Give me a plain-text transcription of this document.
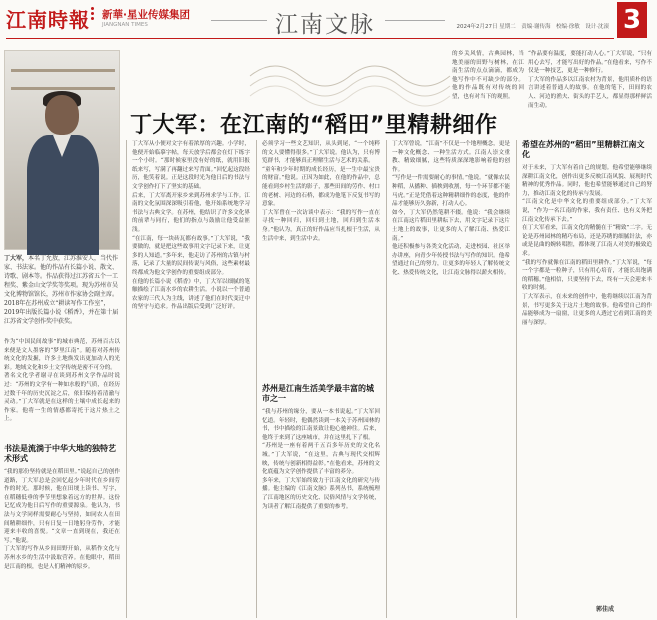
江南時報 新華·星业传媒集团
JIANGNAN TIMES	江南文脉	2024年2月27日 星期二　责编·谢传海　校编·徐敏　设计·沈滚 3
丁大军：在江南的“稻田”里精耕细作
丁大军，本名丁允敖，江苏淮安人，当代作家、书法家。他的作品有长篇小说、散文、诗歌、剧本等。作品获得过江苏省五个一工程奖、紫金山文学奖等奖项。现为苏州市吴文化博物馆馆长，苏州市作家协会副主席。2018年在苏州成立“耕读写作工作室”，2019年出版长篇小说《稻香》，并在第十届江苏省文学创作奖中获奖。

作为“中国民间故事”的城市典范，苏州百古以来便是文人墨客的“梦里江南”。随着对苏州传统文化的发掘，许多土地焕发出更加动人的光彩。地域文化和乡土文学传统是密不可分的。

著名文化学者谢寻在谈到苏州文学作品时说过：“苏州的文学有一种如水般的气质，在经历过数千年的历史沉淀之后，依旧保持着清澈与灵动。”丁大军就是在这样的土壤中成长起来的作家。他将一生的情感都寄托于这片热土之上。

书法是流淌于中华大地的独特艺术形式

“我的那份坚持就是在稻田里。”说起自己的创作道路，丁大军总是会回忆起少年时代在乡间劳作的时光。那时候，他在田埂上读书、写字，在稻穗低垂的季节里想象着远方的世界。这份记忆成为他日后写作的重要源泉。他认为，书法与文学同样需要耐心与坚持，如同农人在田间精耕细作，只有日复一日地躬身劳作，才能迎来丰收的喜悦。“文章一直到现在，我还在写。”他说。

丁大军的写作从乡间田野开始，从稻作文化与苏州水乡的生活中汲取营养。在他眼中，稻田是江南的根，也是人们精神的原乡。

丁大军从小便对文字有着浓厚的兴趣。小学时，他便开始临摹字帖，每天放学后都会在灯下练字一个小时。“那时候家里没有好的纸，就用旧报纸来写，写满了再翻过来写背面。”回忆起这段经历，他笑着说。正是这段时光为他日后的书法与文学创作打下了坚实的基础。

后来，丁大军离开家乡来到苏州求学与工作。江南的文化氛围深深吸引着他，他开始系统地学习书法与古典文学。在苏州，他结识了许多文化界的前辈与同行，他们的指点与鼓励让他受益匪浅。

“在江南，每一块砖瓦都有故事。”丁大军说，“我要做的，就是把这些故事用文字记录下来，让更多的人知道。”多年来，他走访了苏州的古镇与村落，记录了大量的民间传说与风俗，这些素材最终都成为他文学创作的重要组成部分。

在他的长篇小说《稻香》中，丁大军以细腻的笔触描绘了江南水乡的农耕生活。小说以一个普通农家的三代人为主线，讲述了他们在时代变迁中的坚守与追求。作品出版后受到广泛好评。

必须学习一些文艺知识，从头到尾，“一个纯粹的文人要懂得很多。”丁大军说。他认为，只有博览群书，才能够真正理解生活与艺术的关系。

“童年和少年时期的成长经历，是一生中最宝贵的财富。”他说。正因为如此，在他的作品中，总能看到乡村生活的影子，那些田间的劳作、村口的老树、河边的石桥，都成为他笔下反复书写的意象。

丁大军曾在一次访谈中表示：“我的写作一直在寻找一种回归，回归到土地，回归到生活本身。”他认为，真正的好作品应当扎根于生活，从生活中来，到生活中去。

苏州是江南生活美学最丰富的城市之一

“我与苏州的缘分，要从一本书说起。”丁大军回忆道。年轻时，他偶然读到一本关于苏州园林的书，书中描绘的江南景致让他心驰神往。后来，他终于来到了这座城市，并在这里扎下了根。

“苏州是一座有着两千五百多年历史的文化名城。”丁大军说，“在这里，古典与现代交相辉映，传统与创新相得益彰。”在他看来，苏州的文化底蕴为文学创作提供了丰富的养分。

多年来，丁大军始终致力于江南文化的研究与传播。他主编的《江南文脉》系列丛书，系统梳理了江南地区的历史文化、民俗风情与文学传统，为读者了解江南提供了重要的参考。

丁大军曾说，“江南”不仅是一个地理概念，更是一种文化概念、一种生活方式。江南人崇文重教、精致细腻，这些特质深深地影响着他的创作。

“写作是一件需要耐心的事情。”他说。“就像农民种稻，从播种、插秧到收割，每一个环节都不能马虎。”正是凭借着这种精耕细作的态度，他的作品才能够历久弥新，打动人心。

如今，丁大军仍然笔耕不辍。他说：“我会继续在江南这片稻田里耕耘下去，用文字记录下这片土地上的故事，让更多的人了解江南、热爱江南。”

他还积极参与各类文化活动，走进校园、社区举办讲座，向青少年传授书法与写作的知识。他希望通过自己的努力，让更多的年轻人了解传统文化、热爱传统文化，让江南文脉得以薪火相传。

的乡关风情，古典园林，当地美丽的田野与树林，在江南生活的点点滴滴，都成为他写作中不可缺少的部分。他的作品既有对传统的回望，也有对当下的观照。

“作品要有温度，要能打动人心。”丁大军说，“只有用心去写，才能写出好的作品。”在他看来，写作不仅是一种技艺，更是一种修行。

丁大军的作品多以江南农村为背景，他用质朴的语言讲述着普通人的故事。在他的笔下，田间的农人、河边的渔夫、街头的手艺人，都显得那样鲜活而生动。

希望在苏州的“稻田”里精耕江南文化

对于未来，丁大军有着自己的规划。他希望能够继续深耕江南文化，创作出更多反映江南风貌、展现时代精神的优秀作品。同时，他也希望能够通过自己的努力，推动江南文化的传承与发展。

“江南文化是中华文化的重要组成部分。”丁大军说，“作为一名江南的作家，我有责任、也有义务把江南文化传承下去。”

在丁大军看来，江南文化的精髓在于“精致”二字。无论是苏州园林的精巧布局，还是苏绣的细腻针法，亦或是昆曲的婉转唱腔，都体现了江南人对美的极致追求。

“我的写作就像在江南的稻田里耕作。”丁大军说，“每一个字都是一粒种子，只有用心培育，才能长出饱满的稻穗。”他相信，只要坚持下去，终有一天会迎来丰收的时刻。

丁大军表示，在未来的创作中，他将继续以江南为背景，书写更多关于这片土地的故事。他希望自己的作品能够成为一扇窗，让更多的人透过它看到江南的美丽与深厚。

郭佳成
